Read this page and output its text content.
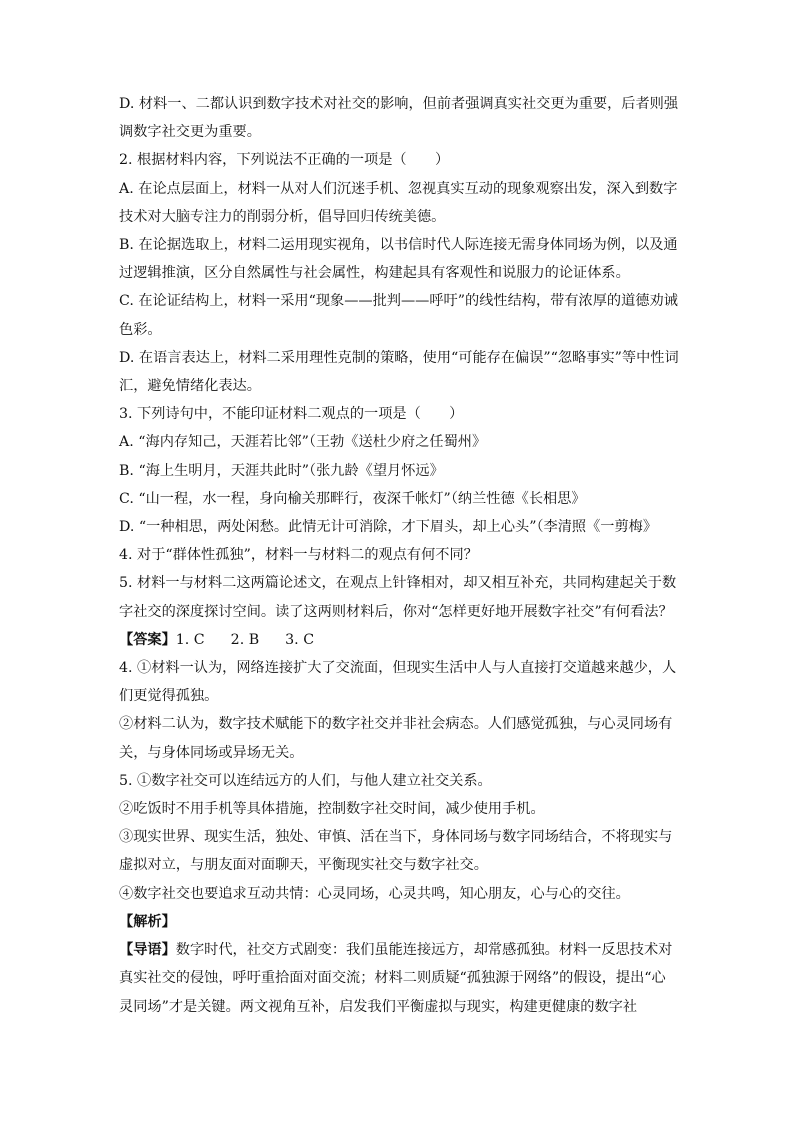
D. 材料一、二都认识到数字技术对社交的影响，但前者强调真实社交更为重要，后者则强调数字社交更为重要。

2. 根据材料内容，下列说法不正确的一项是（　　）

A. 在论点层面上，材料一从对人们沉迷手机、忽视真实互动的现象观察出发，深入到数字技术对大脑专注力的削弱分析，倡导回归传统美德。

B. 在论据选取上，材料二运用现实视角，以书信时代人际连接无需身体同场为例，以及通过逻辑推演，区分自然属性与社会属性，构建起具有客观性和说服力的论证体系。

C. 在论证结构上，材料一采用“现象——批判——呼吁”的线性结构，带有浓厚的道德劝诫色彩。

D. 在语言表达上，材料二采用理性克制的策略，使用“可能存在偏误”“忽略事实”等中性词汇，避免情绪化表达。

3. 下列诗句中，不能印证材料二观点的一项是（　　）

A. “海内存知己，天涯若比邻”（王勃《送杜少府之任蜀州》

B. “海上生明月，天涯共此时”（张九龄《望月怀远》

C. “山一程，水一程，身向榆关那畔行，夜深千帐灯”（纳兰性德《长相思》

D. “一种相思，两处闲愁。此情无计可消除，才下眉头，却上心头”（李清照《一剪梅》

4. 对于“群体性孤独”，材料一与材料二的观点有何不同？

5. 材料一与材料二这两篇论述文，在观点上针锋相对，却又相互补充，共同构建起关于数字社交的深度探讨空间。读了这两则材料后，你对“怎样更好地开展数字社交”有何看法？

【答案】1. C 2. B 3. C

4. ①材料一认为，网络连接扩大了交流面，但现实生活中人与人直接打交道越来越少，人们更觉得孤独。

②材料二认为，数字技术赋能下的数字社交并非社会病态。人们感觉孤独，与心灵同场有关，与身体同场或异场无关。

5. ①数字社交可以连结远方的人们，与他人建立社交关系。

②吃饭时不用手机等具体措施，控制数字社交时间，减少使用手机。

③现实世界、现实生活，独处、审慎、活在当下，身体同场与数字同场结合，不将现实与虚拟对立，与朋友面对面聊天，平衡现实社交与数字社交。

④数字社交也要追求互动共情：心灵同场，心灵共鸣，知心朋友，心与心的交往。

【解析】

【导语】数字时代，社交方式剧变：我们虽能连接远方，却常感孤独。材料一反思技术对真实社交的侵蚀，呼吁重拾面对面交流；材料二则质疑“孤独源于网络”的假设，提出“心灵同场”才是关键。两文视角互补，启发我们平衡虚拟与现实，构建更健康的数字社
